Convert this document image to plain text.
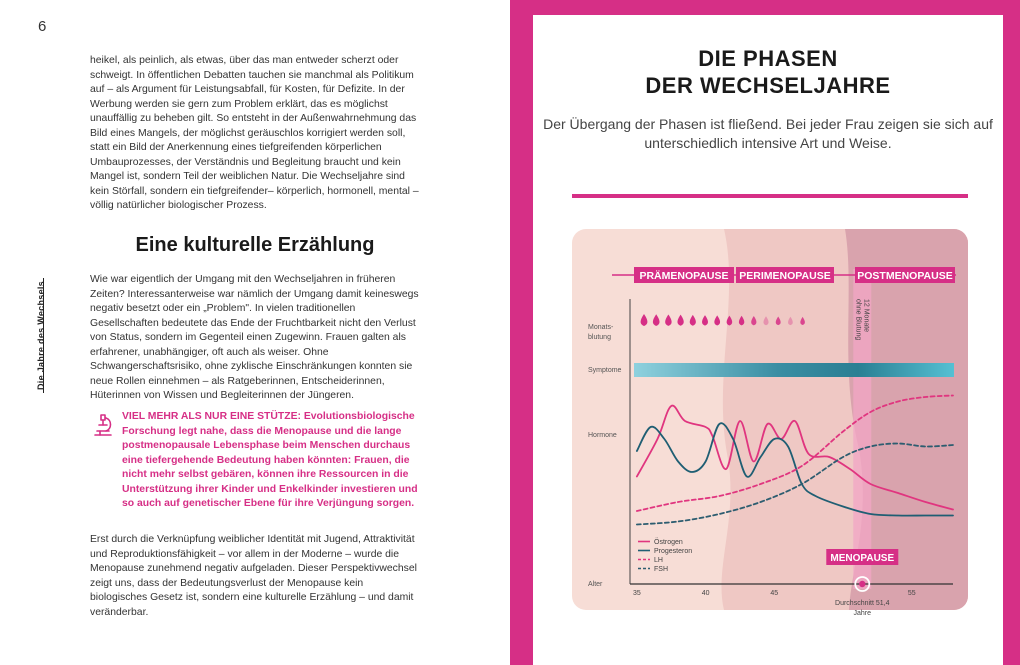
6
Die Jahre des Wechsels

heikel, als peinlich, als etwas, über das man entweder scherzt oder schweigt. In öffentlichen Debatten tauchen sie manchmal als Politikum auf – als Argument für Leistungsabfall, für Kosten, für Defizite. In der Werbung werden sie gern zum Problem erklärt, das es möglichst unauffällig zu beheben gilt. So entsteht in der Außenwahrnehmung das Bild eines Mangels, der möglichst geräuschlos korrigiert werden soll, statt ein Bild der Anerkennung eines tiefgreifenden körperlichen Umbauprozesses, der Verständnis und Begleitung braucht und kein Mangel ist, sondern Teil der weiblichen Natur. Die Wechseljahre sind kein Störfall, sondern ein tiefgreifender– körperlich, hormonell, mental – völlig natürlicher biologischer Prozess.

Eine kulturelle Erzählung

Wie war eigentlich der Umgang mit den Wechseljahren in früheren Zeiten? Interessanterweise war nämlich der Umgang damit keineswegs negativ besetzt oder ein „Problem". In vielen traditionellen Gesellschaften bedeutete das Ende der Fruchtbarkeit nicht den Verlust von Status, sondern im Gegenteil einen Zugewinn. Frauen galten als erfahrener, unabhängiger, oft auch als weiser. Ohne Schwangerschaftsrisiko, ohne zyklische Einschränkungen konnten sie neue Rollen einnehmen – als Ratgeberinnen, Entscheiderinnen, Hüterinnen von Wissen und Begleiterinnen der Jüngeren.

VIEL MEHR ALS NUR EINE STÜTZE: Evolutionsbiologische Forschung legt nahe, dass die Menopause und die lange postmenopausale Lebensphase beim Menschen durchaus eine tiefergehende Bedeutung haben könnten: Frauen, die nicht mehr selbst gebären, können ihre Ressourcen in die Unterstützung ihrer Kinder und Enkelkinder investieren und so auch auf genetischer Ebene für ihre Verjüngung sorgen.

Erst durch die Verknüpfung weiblicher Identität mit Jugend, Attraktivität und Reproduktionsfähigkeit – vor allem in der Moderne – wurde die Menopause zunehmend negativ aufgeladen. Dieser Perspektivwechsel zeigt uns, dass der Bedeutungsverlust der Menopause kein biologisches Gesetz ist, sondern eine kulturelle Erzählung – und damit veränderbar.

DIE PHASEN
DER WECHSELJAHRE
Der Übergang der Phasen ist fließend. Bei jeder Frau zeigen sie sich auf unterschiedlich intensive Art und Weise.
PRÄMENOPAUSE PERIMENOPAUSE	POSTMENOPAUSE
Monats-
blutung
Symptome
Hormone
Alter
12 Monate
ohne Blutung
Östrogen
Progesteron
LH
FSH
MENOPAUSE
35	40	45	55
Durchschnitt 51,4
Jahre
